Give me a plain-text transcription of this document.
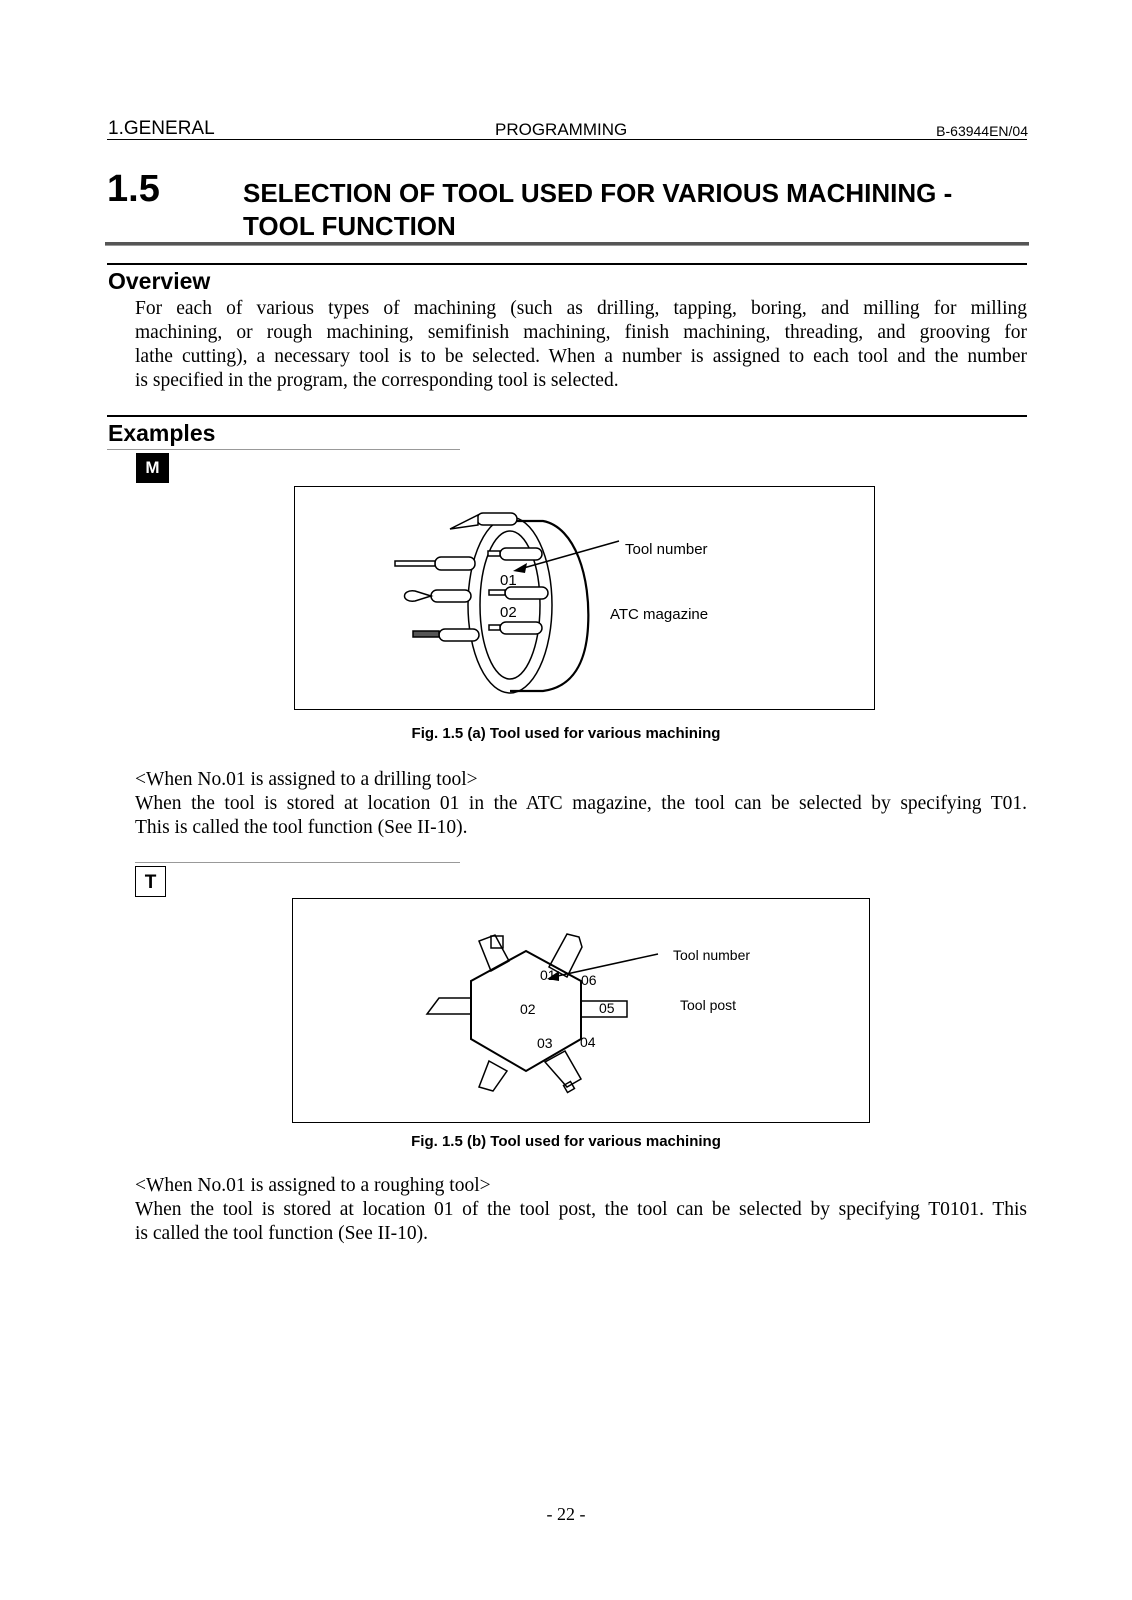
1.GENERAL	PROGRAMMING	B-63944EN/04
1.5	SELECTION OF TOOL USED FOR VARIOUS MACHINING -
TOOL FUNCTION
Overview
For each of various types of machining (such as drilling, tapping, boring, and milling for milling
machining, or rough machining, semifinish machining, finish machining, threading, and grooving for
lathe cutting), a necessary tool is to be selected. When a number is assigned to each tool and the number
is specified in the program, the corresponding tool is selected.
Examples
M
Tool number
ATC magazine
01
02
Fig. 1.5 (a) Tool used for various machining
<When No.01 is assigned to a drilling tool>
When the tool is stored at location 01 in the ATC magazine, the tool can be selected by specifying T01.
This is called the tool function (See II-10).
T
Tool number
Tool post
01
02
03 04
05
06
Fig. 1.5 (b) Tool used for various machining
<When No.01 is assigned to a roughing tool>
When the tool is stored at location 01 of the tool post, the tool can be selected by specifying T0101. This
is called the tool function (See II-10).
- 22 -
